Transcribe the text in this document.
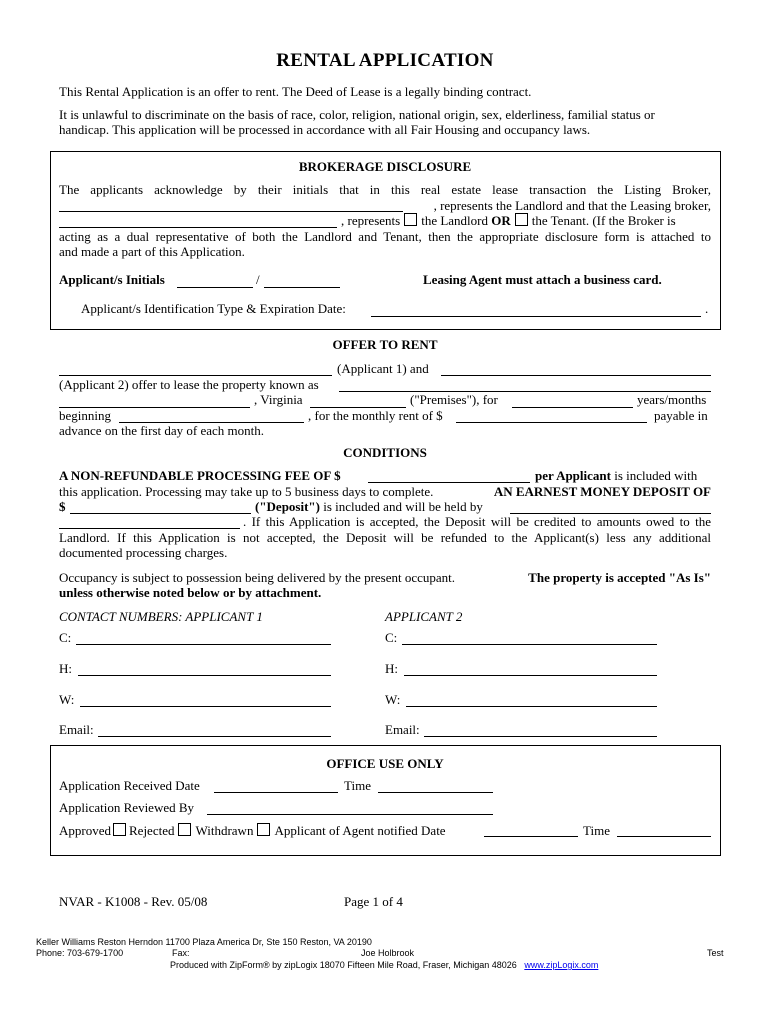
RENTAL APPLICATION
This Rental Application is an offer to rent. The Deed of Lease is a legally binding contract.
It is unlawful to discriminate on the basis of race, color, religion, national origin, sex, elderliness, familial status or
handicap. This application will be processed in accordance with all Fair Housing and occupancy laws.
BROKERAGE DISCLOSURE
The applicants acknowledge by their initials that in this real estate lease transaction the Listing Broker,
, represents the Landlord and that the Leasing broker,
, represents the Landlord OR the Tenant. (If the Broker is
acting as a dual representative of both the Landlord and Tenant, then the appropriate disclosure form is attached to
and made a part of this Application.
Applicant/s Initials	/	Leasing Agent must attach a business card.
Applicant/s Identification Type & Expiration Date:	.
OFFER TO RENT
(Applicant 1) and
(Applicant 2) offer to lease the property known as
, Virginia	("Premises"), for	years/months
beginning	, for the monthly rent of $	payable in
advance on the first day of each month.
CONDITIONS
A NON-REFUNDABLE PROCESSING FEE OF $	per Applicant is included with
this application. Processing may take up to 5 business days to complete.	AN EARNEST MONEY DEPOSIT OF
$	("Deposit") is included and will be held by
. If this Application is accepted, the Deposit will be credited to amounts owed to the
Landlord. If this Application is not accepted, the Deposit will be refunded to the Applicant(s) less any additional
documented processing charges.
Occupancy is subject to possession being delivered by the present occupant.	The property is accepted "As Is"
unless otherwise noted below or by attachment.
CONTACT NUMBERS: APPLICANT 1	APPLICANT 2
C:	C:
H:	H:
W:	W:
Email:	Email:
OFFICE USE ONLY
Application Received Date	Time
Application Reviewed By
Approved Rejected Withdrawn Applicant of Agent notified Date	Time
NVAR - K1008 - Rev. 05/08	Page 1 of 4
Keller Williams Reston Herndon 11700 Plaza America Dr, Ste 150 Reston, VA 20190
Phone: 703-679-1700	Fax:	Joe Holbrook	Test
Produced with ZipForm® by zipLogix 18070 Fifteen Mile Road, Fraser, Michigan 48026 www.zipLogix.com
